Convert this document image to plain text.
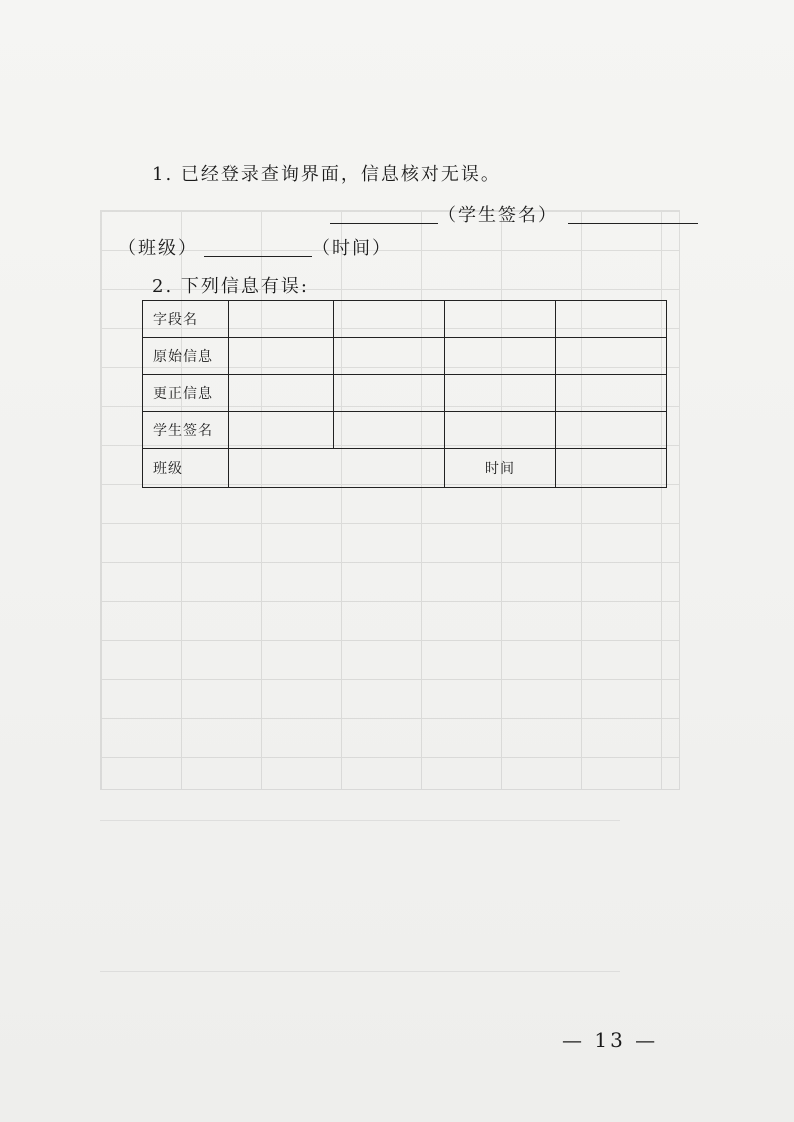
1. 已经登录查询界面，信息核对无误。
（学生签名）
（班级）	（时间）
2. 下列信息有误:
字段名				
原始信息				
更正信息				
学生签名				
班级			时间	
— 13 —
